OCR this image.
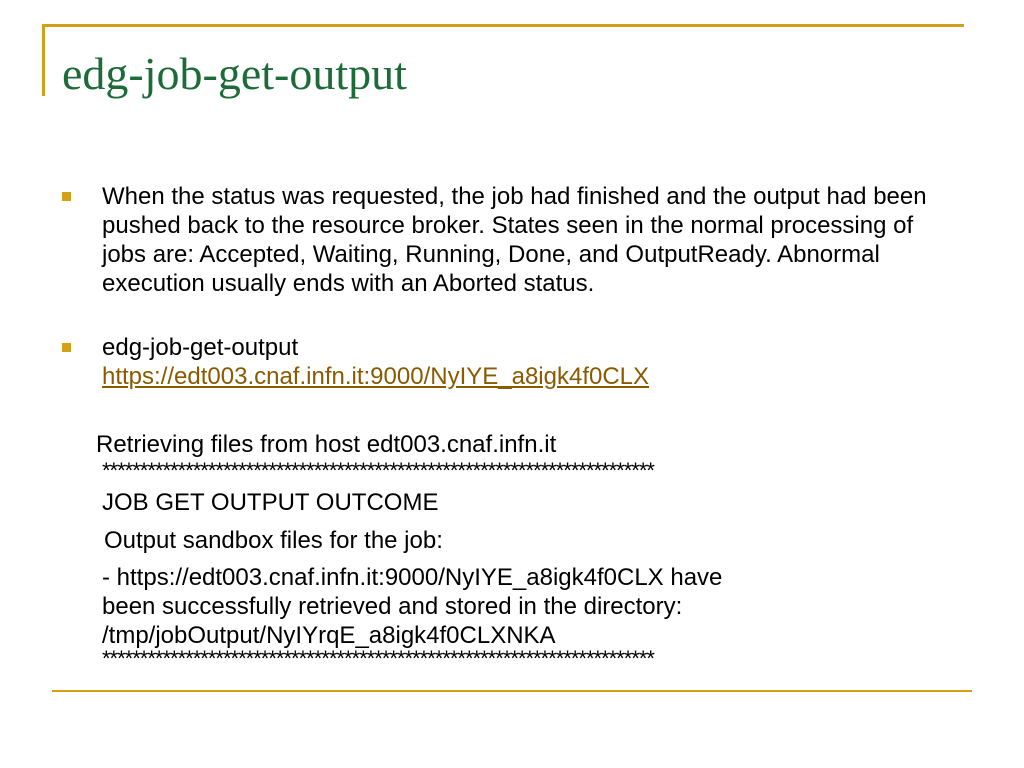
edg-job-get-output

When the status was requested, the job had finished and the output had been pushed back to the resource broker. States seen in the normal processing of jobs are: Accepted, Waiting, Running, Done, and OutputReady. Abnormal execution usually ends with an Aborted status.

edg-job-get-output
https://edt003.cnaf.infn.it:9000/NyIYE_a8igk4f0CLX

Retrieving files from host edt003.cnaf.infn.it

*************************************************************************

JOB GET OUTPUT OUTCOME

Output sandbox files for the job:

- https://edt003.cnaf.infn.it:9000/NyIYE_a8igk4f0CLX have

been successfully retrieved and stored in the directory:

/tmp/jobOutput/NyIYrqE_a8igk4f0CLXNKA

*************************************************************************
